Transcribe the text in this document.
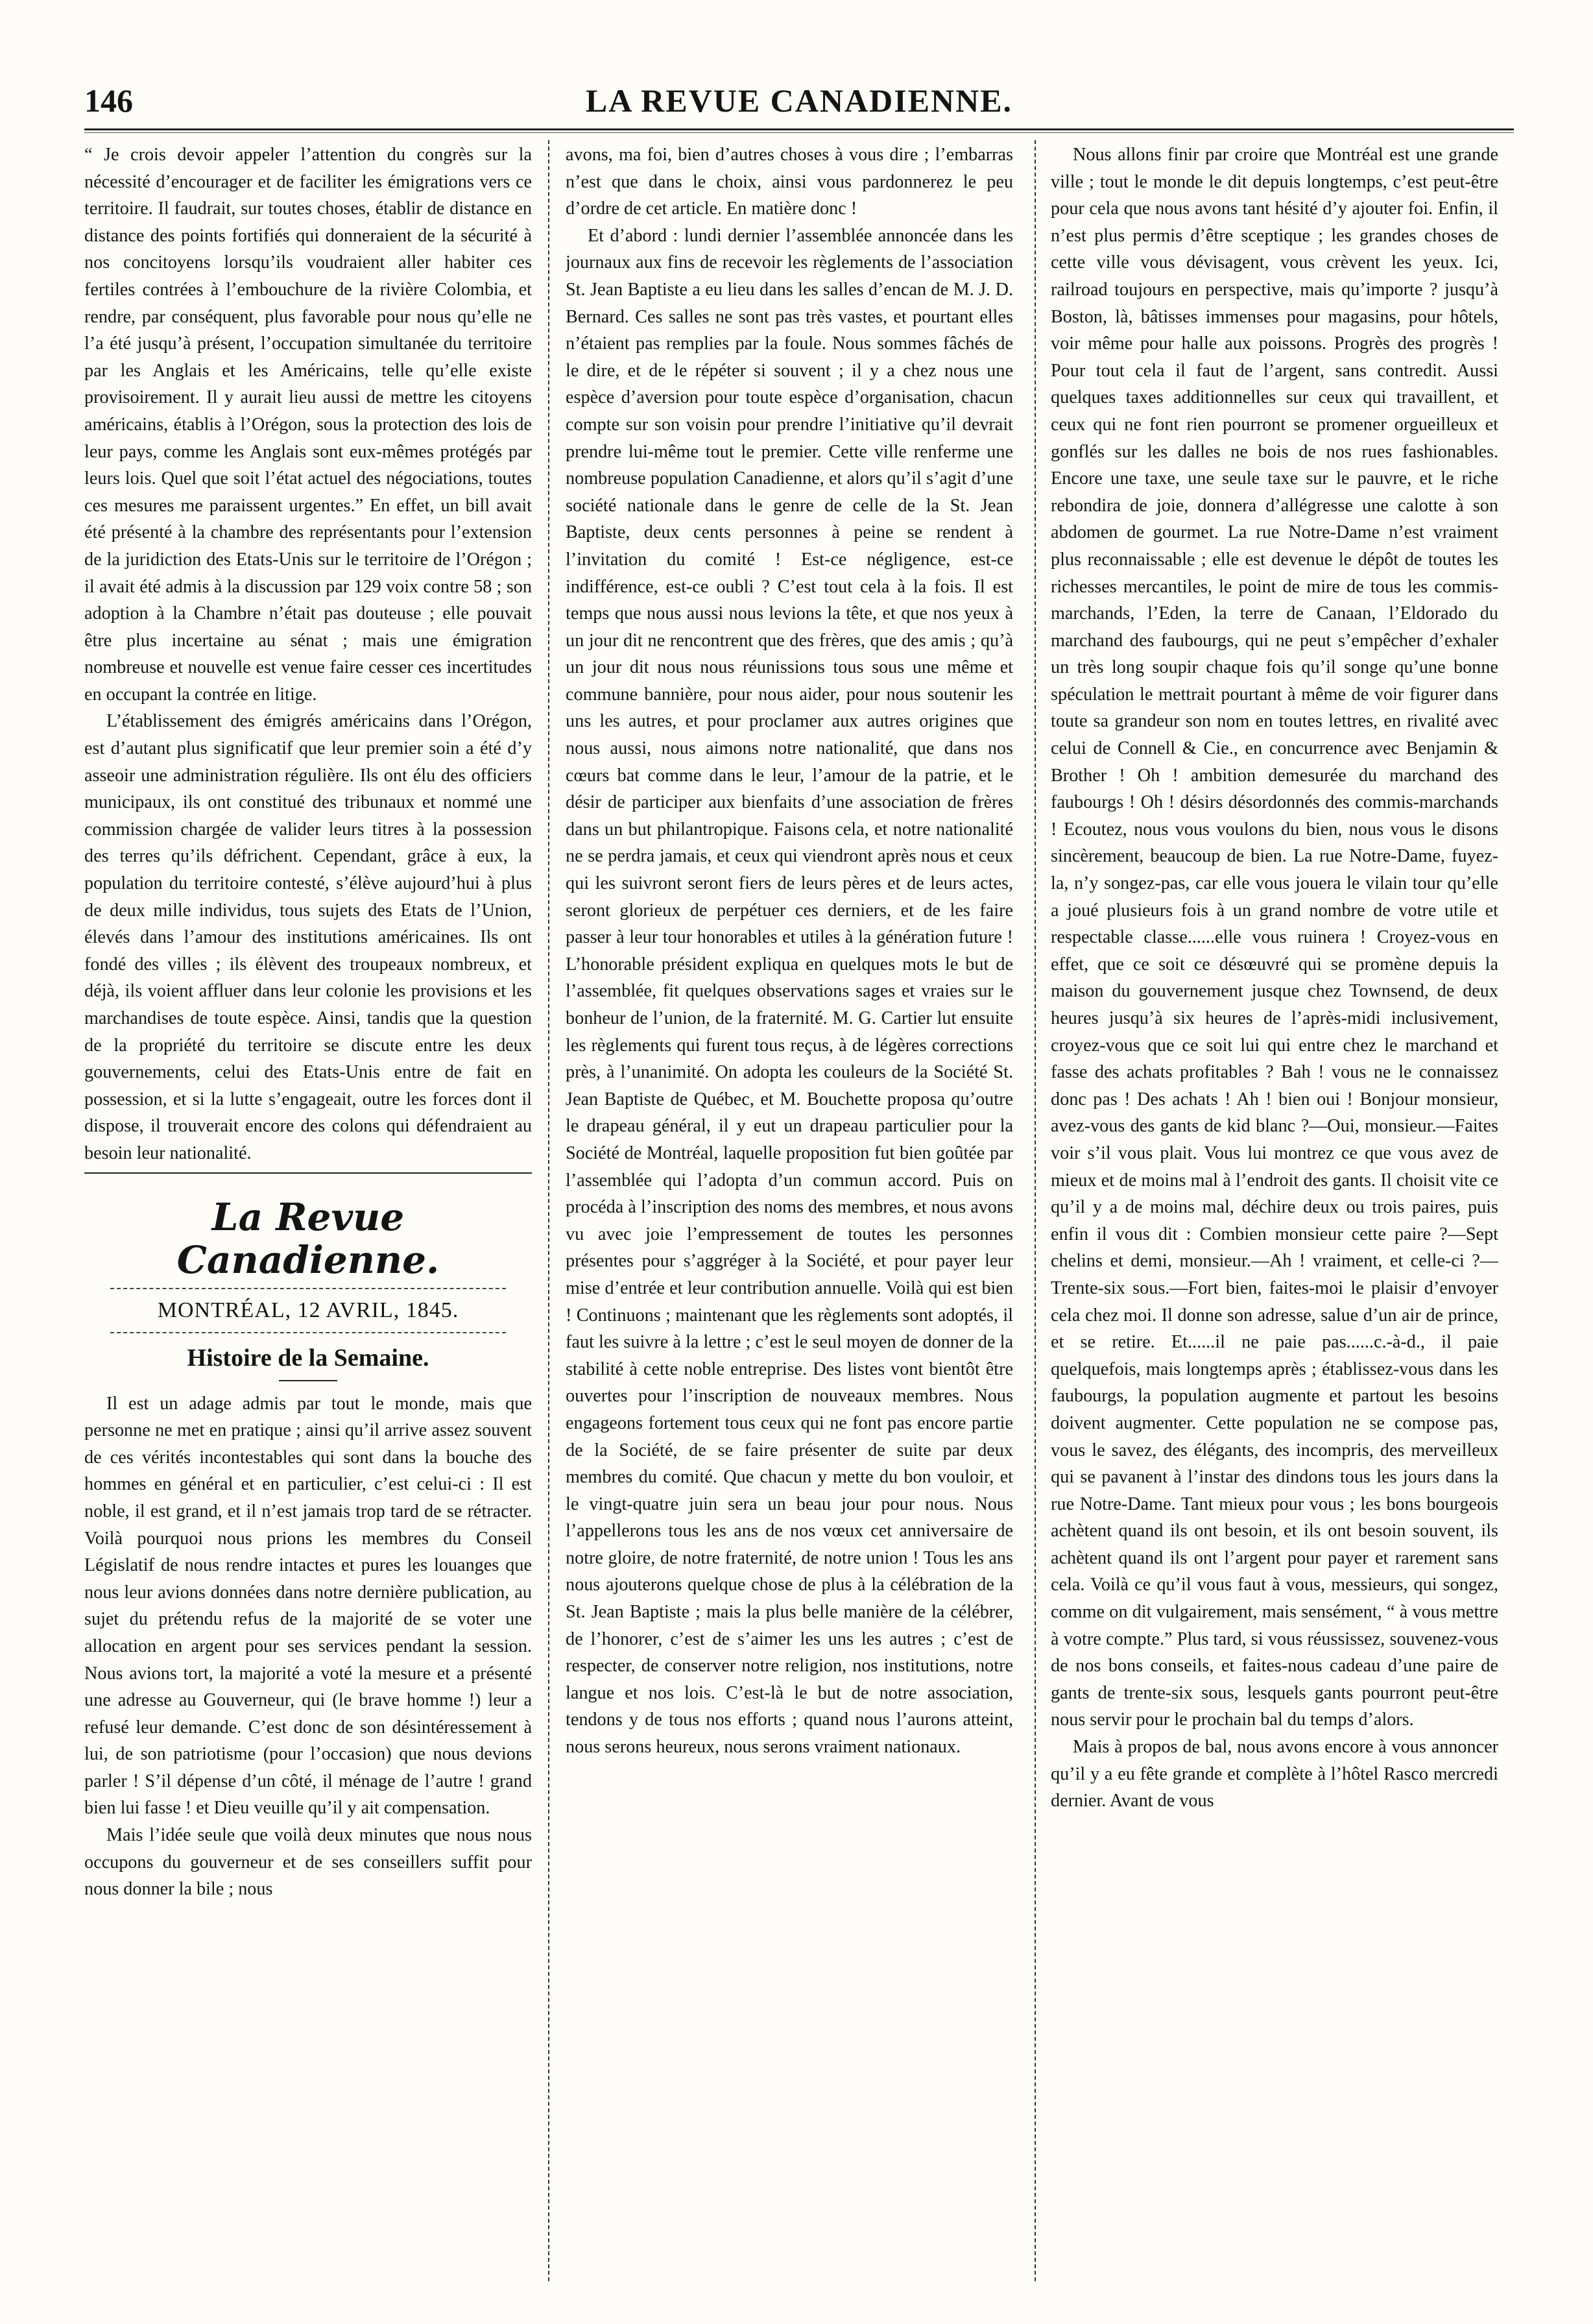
146	LA REVUE CANADIENNE.

“ Je crois devoir appeler l’attention du congrès sur la nécessité d’encourager et de faciliter les émigrations vers ce territoire. Il faudrait, sur toutes choses, établir de distance en distance des points fortifiés qui donneraient de la sécurité à nos concitoyens lorsqu’ils voudraient aller habiter ces fertiles contrées à l’embouchure de la rivière Colombia, et rendre, par conséquent, plus favorable pour nous qu’elle ne l’a été jusqu’à présent, l’occupation simultanée du territoire par les Anglais et les Américains, telle qu’elle existe provisoirement. Il y aurait lieu aussi de mettre les citoyens américains, établis à l’Orégon, sous la protection des lois de leur pays, comme les Anglais sont eux-mêmes protégés par leurs lois. Quel que soit l’état actuel des négociations, toutes ces mesures me paraissent urgentes.” En effet, un bill avait été présenté à la chambre des représentants pour l’extension de la juridiction des Etats-Unis sur le territoire de l’Orégon ; il avait été admis à la discussion par 129 voix contre 58 ; son adoption à la Chambre n’était pas douteuse ; elle pouvait être plus incertaine au sénat ; mais une émigration nombreuse et nouvelle est venue faire cesser ces incertitudes en occupant la contrée en litige.

L’établissement des émigrés américains dans l’Orégon, est d’autant plus significatif que leur premier soin a été d’y asseoir une administration régulière. Ils ont élu des officiers municipaux, ils ont constitué des tribunaux et nommé une commission chargée de valider leurs titres à la possession des terres qu’ils défrichent. Cependant, grâce à eux, la population du territoire contesté, s’élève aujourd’hui à plus de deux mille individus, tous sujets des Etats de l’Union, élevés dans l’amour des institutions américaines. Ils ont fondé des villes ; ils élèvent des troupeaux nombreux, et déjà, ils voient affluer dans leur colonie les provisions et les marchandises de toute espèce. Ainsi, tandis que la question de la propriété du territoire se discute entre les deux gouvernements, celui des Etats-Unis entre de fait en possession, et si la lutte s’engageait, outre les forces dont il dispose, il trouverait encore des colons qui défendraient au besoin leur nationalité.

La Revue Canadienne.
MONTRÉAL, 12 AVRIL, 1845.
Histoire de la Semaine.

Il est un adage admis par tout le monde, mais que personne ne met en pratique ; ainsi qu’il arrive assez souvent de ces vérités incontestables qui sont dans la bouche des hommes en général et en particulier, c’est celui-ci : Il est noble, il est grand, et il n’est jamais trop tard de se rétracter. Voilà pourquoi nous prions les membres du Conseil Législatif de nous rendre intactes et pures les louanges que nous leur avions données dans notre dernière publication, au sujet du prétendu refus de la majorité de se voter une allocation en argent pour ses services pendant la session. Nous avions tort, la majorité a voté la mesure et a présenté une adresse au Gouverneur, qui (le brave homme !) leur a refusé leur demande. C’est donc de son désintéressement à lui, de son patriotisme (pour l’occasion) que nous devions parler ! S’il dépense d’un côté, il ménage de l’autre ! grand bien lui fasse ! et Dieu veuille qu’il y ait compensation.

Mais l’idée seule que voilà deux minutes que nous nous occupons du gouverneur et de ses conseillers suffit pour nous donner la bile ; nous

avons, ma foi, bien d’autres choses à vous dire ; l’embarras n’est que dans le choix, ainsi vous pardonnerez le peu d’ordre de cet article. En matière donc !

Et d’abord : lundi dernier l’assemblée annoncée dans les journaux aux fins de recevoir les règlements de l’association St. Jean Baptiste a eu lieu dans les salles d’encan de M. J. D. Bernard. Ces salles ne sont pas très vastes, et pourtant elles n’étaient pas remplies par la foule. Nous sommes fâchés de le dire, et de le répéter si souvent ; il y a chez nous une espèce d’aversion pour toute espèce d’organisation, chacun compte sur son voisin pour prendre l’initiative qu’il devrait prendre lui-même tout le premier. Cette ville renferme une nombreuse population Canadienne, et alors qu’il s’agit d’une société nationale dans le genre de celle de la St. Jean Baptiste, deux cents personnes à peine se rendent à l’invitation du comité ! Est-ce négligence, est-ce indifférence, est-ce oubli ? C’est tout cela à la fois. Il est temps que nous aussi nous levions la tête, et que nos yeux à un jour dit ne rencontrent que des frères, que des amis ; qu’à un jour dit nous nous réunissions tous sous une même et commune bannière, pour nous aider, pour nous soutenir les uns les autres, et pour proclamer aux autres origines que nous aussi, nous aimons notre nationalité, que dans nos cœurs bat comme dans le leur, l’amour de la patrie, et le désir de participer aux bienfaits d’une association de frères dans un but philantropique. Faisons cela, et notre nationalité ne se perdra jamais, et ceux qui viendront après nous et ceux qui les suivront seront fiers de leurs pères et de leurs actes, seront glorieux de perpétuer ces derniers, et de les faire passer à leur tour honorables et utiles à la génération future ! L’honorable président expliqua en quelques mots le but de l’assemblée, fit quelques observations sages et vraies sur le bonheur de l’union, de la fraternité. M. G. Cartier lut ensuite les règlements qui furent tous reçus, à de légères corrections près, à l’unanimité. On adopta les couleurs de la Société St. Jean Baptiste de Québec, et M. Bouchette proposa qu’outre le drapeau général, il y eut un drapeau particulier pour la Société de Montréal, laquelle proposition fut bien goûtée par l’assemblée qui l’adopta d’un commun accord. Puis on procéda à l’inscription des noms des membres, et nous avons vu avec joie l’empressement de toutes les personnes présentes pour s’aggréger à la Société, et pour payer leur mise d’entrée et leur contribution annuelle. Voilà qui est bien ! Continuons ; maintenant que les règlements sont adoptés, il faut les suivre à la lettre ; c’est le seul moyen de donner de la stabilité à cette noble entreprise. Des listes vont bientôt être ouvertes pour l’inscription de nouveaux membres. Nous engageons fortement tous ceux qui ne font pas encore partie de la Société, de se faire présenter de suite par deux membres du comité. Que chacun y mette du bon vouloir, et le vingt-quatre juin sera un beau jour pour nous. Nous l’appellerons tous les ans de nos vœux cet anniversaire de notre gloire, de notre fraternité, de notre union ! Tous les ans nous ajouterons quelque chose de plus à la célébration de la St. Jean Baptiste ; mais la plus belle manière de la célébrer, de l’honorer, c’est de s’aimer les uns les autres ; c’est de respecter, de conserver notre religion, nos institutions, notre langue et nos lois. C’est-là le but de notre association, tendons y de tous nos efforts ; quand nous l’aurons atteint, nous serons heureux, nous serons vraiment nationaux.

Nous allons finir par croire que Montréal est une grande ville ; tout le monde le dit depuis longtemps, c’est peut-être pour cela que nous avons tant hésité d’y ajouter foi. Enfin, il n’est plus permis d’être sceptique ; les grandes choses de cette ville vous dévisagent, vous crèvent les yeux. Ici, railroad toujours en perspective, mais qu’importe ? jusqu’à Boston, là, bâtisses immenses pour magasins, pour hôtels, voir même pour halle aux poissons. Progrès des progrès ! Pour tout cela il faut de l’argent, sans contredit. Aussi quelques taxes additionnelles sur ceux qui travaillent, et ceux qui ne font rien pourront se promener orgueilleux et gonflés sur les dalles ne bois de nos rues fashionables. Encore une taxe, une seule taxe sur le pauvre, et le riche rebondira de joie, donnera d’allégresse une calotte à son abdomen de gourmet. La rue Notre-Dame n’est vraiment plus reconnaissable ; elle est devenue le dépôt de toutes les richesses mercantiles, le point de mire de tous les commis-marchands, l’Eden, la terre de Canaan, l’Eldorado du marchand des faubourgs, qui ne peut s’empêcher d’exhaler un très long soupir chaque fois qu’il songe qu’une bonne spéculation le mettrait pourtant à même de voir figurer dans toute sa grandeur son nom en toutes lettres, en rivalité avec celui de Connell & Cie., en concurrence avec Benjamin & Brother ! Oh ! ambition demesurée du marchand des faubourgs ! Oh ! désirs désordonnés des commis-marchands ! Ecoutez, nous vous voulons du bien, nous vous le disons sincèrement, beaucoup de bien. La rue Notre-Dame, fuyez-la, n’y songez-pas, car elle vous jouera le vilain tour qu’elle a joué plusieurs fois à un grand nombre de votre utile et respectable classe......elle vous ruinera ! Croyez-vous en effet, que ce soit ce désœuvré qui se promène depuis la maison du gouvernement jusque chez Townsend, de deux heures jusqu’à six heures de l’après-midi inclusivement, croyez-vous que ce soit lui qui entre chez le marchand et fasse des achats profitables ? Bah ! vous ne le connaissez donc pas ! Des achats ! Ah ! bien oui ! Bonjour monsieur, avez-vous des gants de kid blanc ?—Oui, monsieur.—Faites voir s’il vous plait. Vous lui montrez ce que vous avez de mieux et de moins mal à l’endroit des gants. Il choisit vite ce qu’il y a de moins mal, déchire deux ou trois paires, puis enfin il vous dit : Combien monsieur cette paire ?—Sept chelins et demi, monsieur.—Ah ! vraiment, et celle-ci ?—Trente-six sous.—Fort bien, faites-moi le plaisir d’envoyer cela chez moi. Il donne son adresse, salue d’un air de prince, et se retire. Et......il ne paie pas......c.-à-d., il paie quelquefois, mais longtemps après ; établissez-vous dans les faubourgs, la population augmente et partout les besoins doivent augmenter. Cette population ne se compose pas, vous le savez, des élégants, des incompris, des merveilleux qui se pavanent à l’instar des dindons tous les jours dans la rue Notre-Dame. Tant mieux pour vous ; les bons bourgeois achètent quand ils ont besoin, et ils ont besoin souvent, ils achètent quand ils ont l’argent pour payer et rarement sans cela. Voilà ce qu’il vous faut à vous, messieurs, qui songez, comme on dit vulgairement, mais sensément, “ à vous mettre à votre compte.” Plus tard, si vous réussissez, souvenez-vous de nos bons conseils, et faites-nous cadeau d’une paire de gants de trente-six sous, lesquels gants pourront peut-être nous servir pour le prochain bal du temps d’alors.

Mais à propos de bal, nous avons encore à vous annoncer qu’il y a eu fête grande et complète à l’hôtel Rasco mercredi dernier. Avant de vous
